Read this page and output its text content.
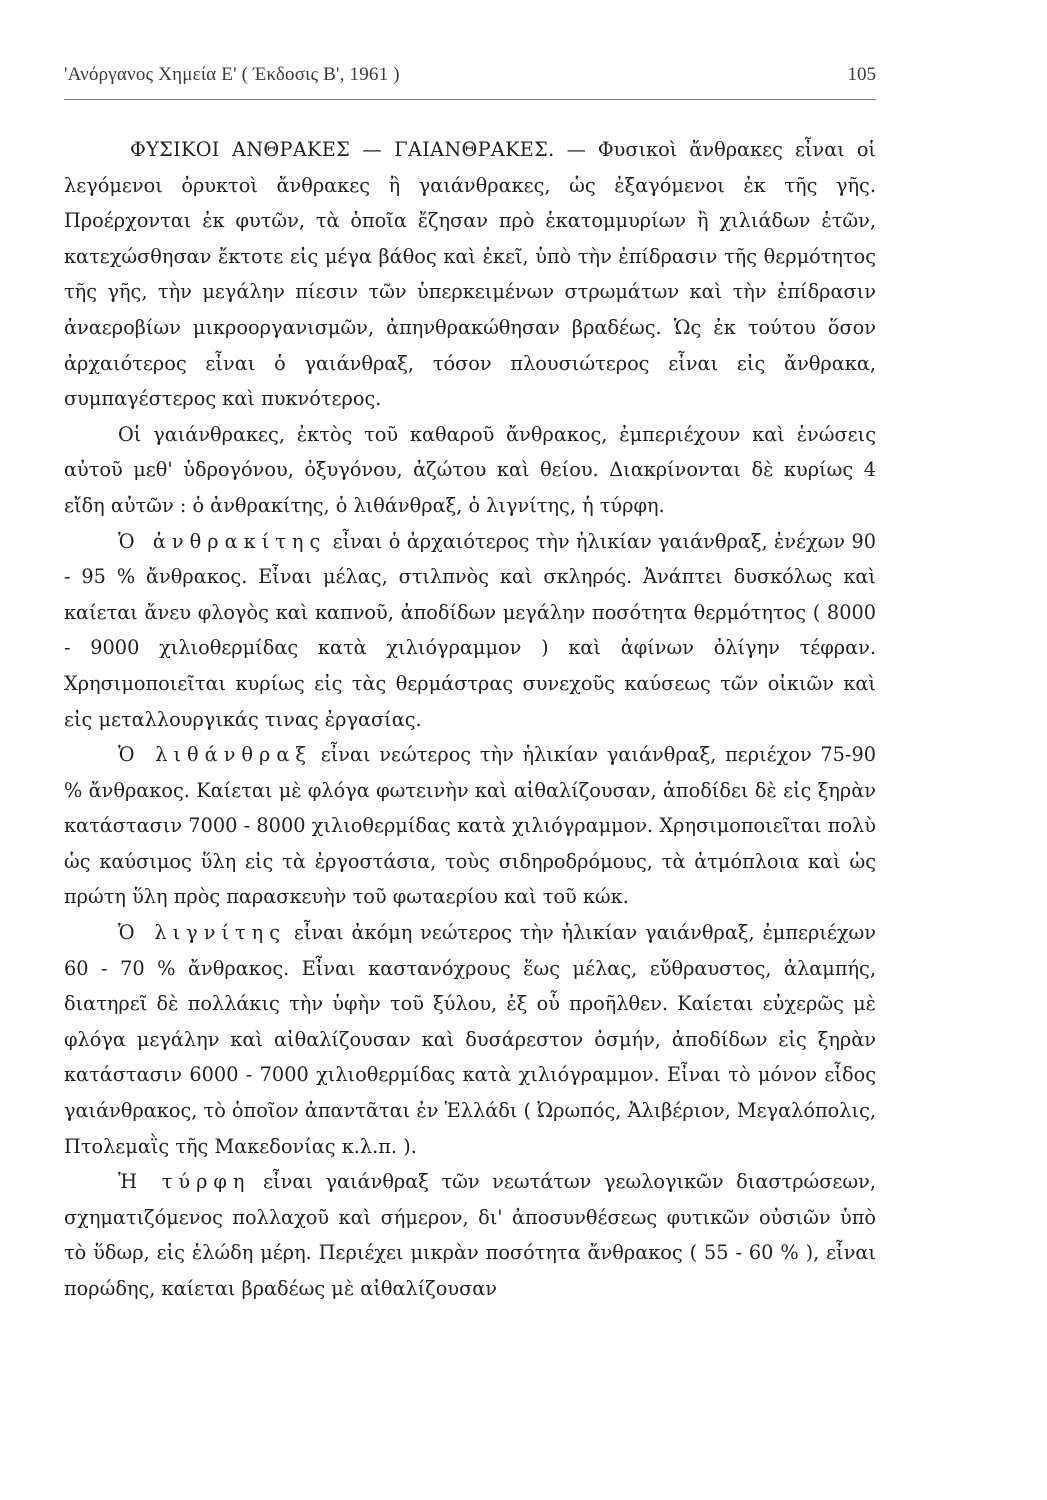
'Ανόργανος Χημεία Ε' ( Έκδοσις Β', 1961 )	105

ΦΥΣΙΚΟΙ ΑΝΘΡΑΚΕΣ — ΓΑΙΑΝΘΡΑΚΕΣ. — Φυσικοὶ ἄνθρακες εἶναι οἱ λεγόμενοι ὀρυκτοὶ ἄνθρακες ἢ γαιάνθρακες, ὡς ἐξαγόμενοι ἐκ τῆς γῆς. Προέρχονται ἐκ φυτῶν, τὰ ὁποῖα ἔζησαν πρὸ ἑκατομμυρίων ἢ χιλιάδων ἐτῶν, κατεχώσθησαν ἔκτοτε εἰς μέγα βάθος καὶ ἐκεῖ, ὑπὸ τὴν ἐπίδρασιν τῆς θερμότητος τῆς γῆς, τὴν μεγάλην πίεσιν τῶν ὑπερκειμένων στρωμάτων καὶ τὴν ἐπίδρασιν ἀναεροβίων μικροοργανισμῶν, ἀπηνθρακώθησαν βραδέως. Ὡς ἐκ τούτου ὅσον ἀρχαιότερος εἶναι ὁ γαιάνθραξ, τόσον πλουσιώτερος εἶναι εἰς ἄνθρακα, συμπαγέστερος καὶ πυκνότερος.

Οἱ γαιάνθρακες, ἐκτὸς τοῦ καθαροῦ ἄνθρακος, ἐμπεριέχουν καὶ ἑνώσεις αὐτοῦ μεθ' ὑδρογόνου, ὀξυγόνου, ἀζώτου καὶ θείου. Διακρίνονται δὲ κυρίως 4 εἴδη αὐτῶν : ὁ ἀνθρακίτης, ὁ λιθάνθραξ, ὁ λιγνίτης, ἡ τύρφη.

Ὁ ἀνθρακίτης εἶναι ὁ ἀρχαιότερος τὴν ἡλικίαν γαιάνθραξ, ἐνέχων 90 - 95 % ἄνθρακος. Εἶναι μέλας, στιλπνὸς καὶ σκληρός. Ἀνάπτει δυσκόλως καὶ καίεται ἄνευ φλογὸς καὶ καπνοῦ, ἀποδίδων μεγάλην ποσότητα θερμότητος ( 8000 - 9000 χιλιοθερμίδας κατὰ χιλιόγραμμον ) καὶ ἀφίνων ὀλίγην τέφραν. Χρησιμοποιεῖται κυρίως εἰς τὰς θερμάστρας συνεχοῦς καύσεως τῶν οἰκιῶν καὶ εἰς μεταλλουργικάς τινας ἐργασίας.

Ὁ λιθάνθραξ εἶναι νεώτερος τὴν ἡλικίαν γαιάνθραξ, περιέχον 75-90 % ἄνθρακος. Καίεται μὲ φλόγα φωτεινὴν καὶ αἰθαλίζουσαν, ἀποδίδει δὲ εἰς ξηρὰν κατάστασιν 7000 - 8000 χιλιοθερμίδας κατὰ χιλιόγραμμον. Χρησιμοποιεῖται πολὺ ὡς καύσιμος ὕλη εἰς τὰ ἐργοστάσια, τοὺς σιδηροδρόμους, τὰ ἀτμόπλοια καὶ ὡς πρώτη ὕλη πρὸς παρασκευὴν τοῦ φωταερίου καὶ τοῦ κώκ.

Ὁ λιγνίτης εἶναι ἀκόμη νεώτερος τὴν ἡλικίαν γαιάνθραξ, ἐμπεριέχων 60 - 70 % ἄνθρακος. Εἶναι καστανόχρους ἕως μέλας, εὔθραυστος, ἀλαμπής, διατηρεῖ δὲ πολλάκις τὴν ὑφὴν τοῦ ξύλου, ἐξ οὗ προῆλθεν. Καίεται εὐχερῶς μὲ φλόγα μεγάλην καὶ αἰθαλίζουσαν καὶ δυσάρεστον ὀσμήν, ἀποδίδων εἰς ξηρὰν κατάστασιν 6000 - 7000 χιλιοθερμίδας κατὰ χιλιόγραμμον. Εἶναι τὸ μόνον εἶδος γαιάνθρακος, τὸ ὁποῖον ἀπαντᾶται ἐν Ἑλλάδι ( Ὠρωπός, Ἀλιβέριον, Μεγαλόπολις, Πτολεμαῒς τῆς Μακεδονίας κ.λ.π. ).

Ἡ τύρφη εἶναι γαιάνθραξ τῶν νεωτάτων γεωλογικῶν διαστρώσεων, σχηματιζόμενος πολλαχοῦ καὶ σήμερον, δι' ἀποσυνθέσεως φυτικῶν οὐσιῶν ὑπὸ τὸ ὕδωρ, εἰς ἑλώδη μέρη. Περιέχει μικρὰν ποσότητα ἄνθρακος ( 55 - 60 % ), εἶναι πορώδης, καίεται βραδέως μὲ αἰθαλίζουσαν
